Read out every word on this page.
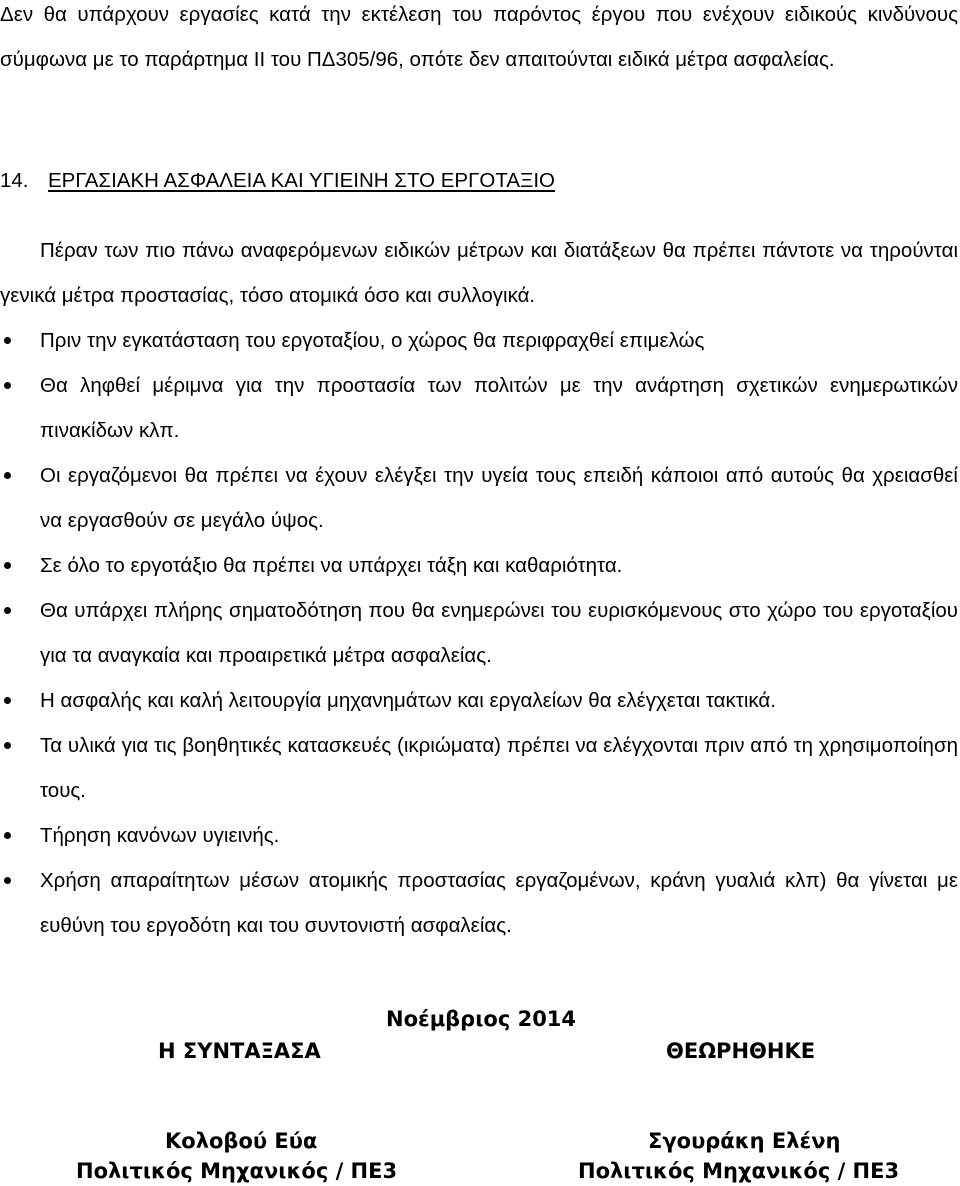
Δεν θα υπάρχουν εργασίες κατά την εκτέλεση του παρόντος έργου που ενέχουν ειδικούς κινδύνους σύμφωνα με το παράρτημα ΙΙ του ΠΔ305/96, οπότε δεν απαιτούνται ειδικά μέτρα ασφαλείας.

14. ΕΡΓΑΣΙΑΚΗ ΑΣΦΑΛΕΙΑ ΚΑΙ ΥΓΙΕΙΝΗ ΣΤΟ ΕΡΓΟΤΑΞΙΟ

Πέραν των πιο πάνω αναφερόμενων ειδικών μέτρων και διατάξεων θα πρέπει πάντοτε να τηρούνται γενικά μέτρα προστασίας, τόσο ατομικά όσο και συλλογικά.

Πριν την εγκατάσταση του εργοταξίου, ο χώρος θα περιφραχθεί επιμελώς
Θα ληφθεί μέριμνα για την προστασία των πολιτών με την ανάρτηση σχετικών ενημερωτικών πινακίδων κλπ.
Οι εργαζόμενοι θα πρέπει να έχουν ελέγξει την υγεία τους επειδή κάποιοι από αυτούς θα χρειασθεί να εργασθούν σε μεγάλο ύψος.
Σε όλο το εργοτάξιο θα πρέπει να υπάρχει τάξη και καθαριότητα.
Θα υπάρχει πλήρης σηματοδότηση που θα ενημερώνει του ευρισκόμενους στο χώρο του εργοταξίου για τα αναγκαία και προαιρετικά μέτρα ασφαλείας.
Η ασφαλής και καλή λειτουργία μηχανημάτων και εργαλείων θα ελέγχεται τακτικά.
Τα υλικά για τις βοηθητικές κατασκευές (ικριώματα) πρέπει να ελέγχονται πριν από τη χρησιμοποίηση τους.
Τήρηση κανόνων υγιεινής.
Χρήση απαραίτητων μέσων ατομικής προστασίας εργαζομένων, κράνη γυαλιά κλπ) θα γίνεται με ευθύνη του εργοδότη και του συντονιστή ασφαλείας.
Νοέμβριος 2014
Η ΣΥΝΤΑΞΑΣΑ	ΘΕΩΡΗΘΗΚΕ
Κολοβού Εύα	Σγουράκη Ελένη
Πολιτικός Μηχανικός / ΠΕ3	Πολιτικός Μηχανικός / ΠΕ3
